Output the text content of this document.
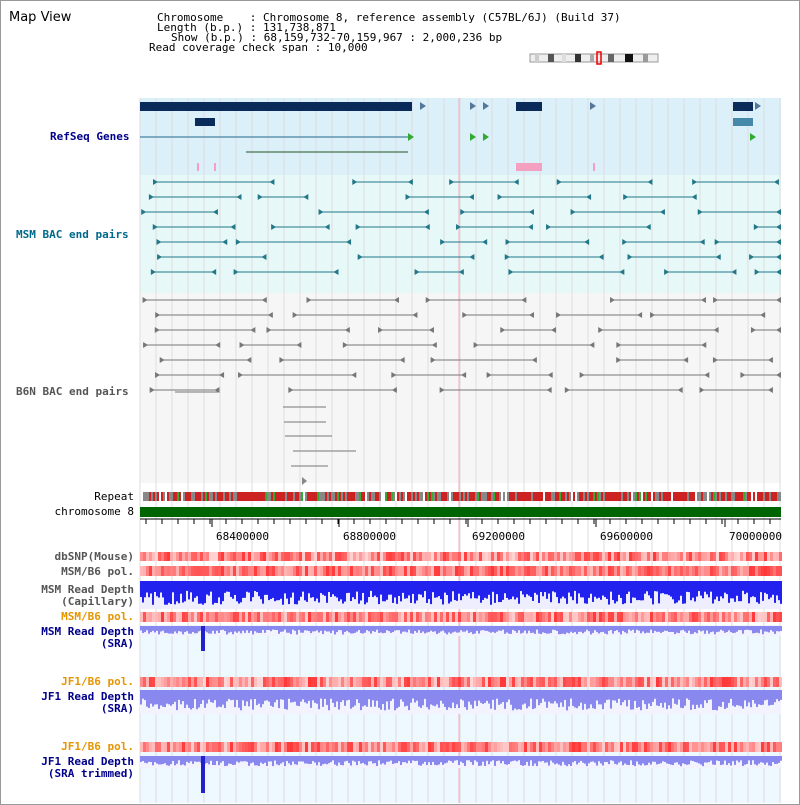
Map View	Chromosome    : Chromosome 8, reference assembly (C57BL/6J) (Build 37)
Length (b.p.) : 131,738,871
Show (b.p.) : 68,159,732-70,159,967 : 2,000,236 bp
Read coverage check span : 10,000
68400000	68800000	69200000	69600000	70000000
RefSeq Genes
MSM BAC end pairs
B6N BAC end pairs
Repeat
chromosome 8
dbSNP(Mouse)
MSM/B6 pol.
MSM Read Depth
(Capillary)
MSM/B6 pol.
MSM Read Depth
(SRA)
JF1/B6 pol.
JF1 Read Depth
(SRA)
JF1/B6 pol.
JF1 Read Depth
(SRA trimmed)
